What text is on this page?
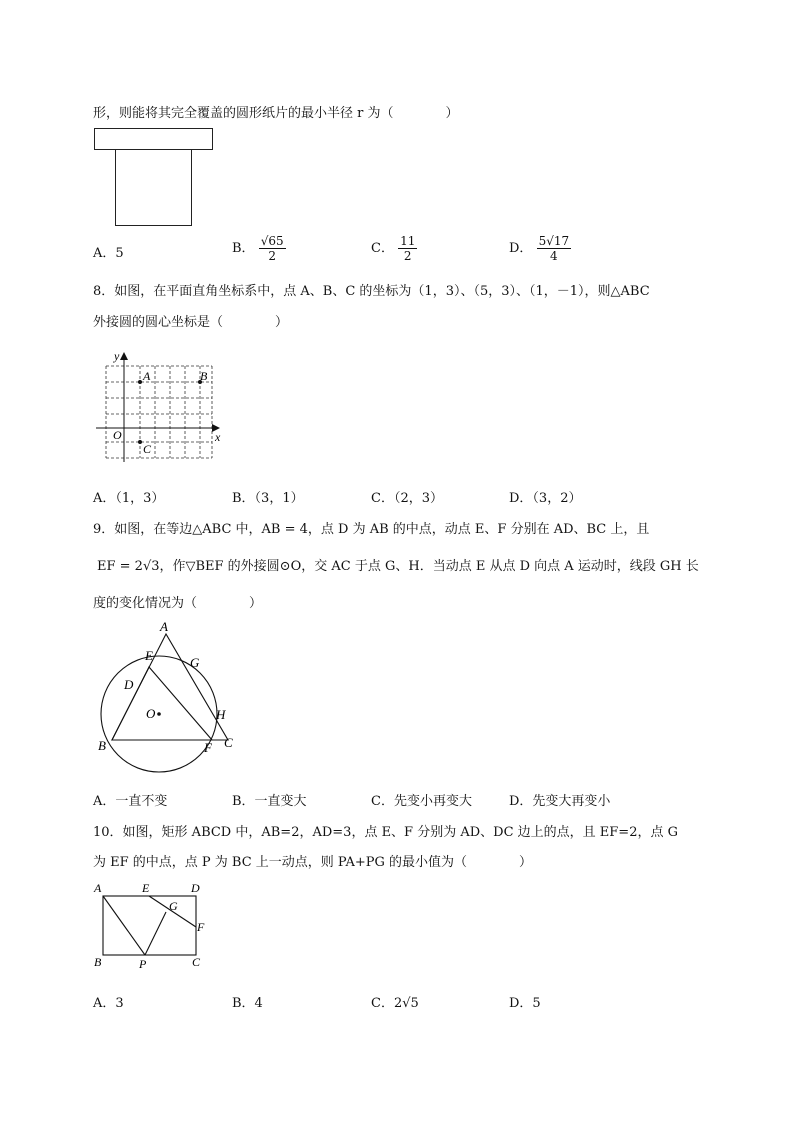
形，则能将其完全覆盖的圆形纸片的最小半径 r 为（　　　　）
A．5	B． $\frac{√65}{2}$	C． $\frac{11}{2}$	D． $\frac{5√17}{4}$
8．如图，在平面直角坐标系中，点 A、B、C 的坐标为（1，3）、（5，3）、（1，－1），则△ABC
外接圆的圆心坐标是（　　　　）
y
x
O
A	B
C
A．（1，3）	B．（3，1）	C．（2，3）	D．（3，2）
9．如图，在等边△ABC 中，AB = 4，点 D 为 AB 的中点，动点 E、F 分别在 AD、BC 上，且
EF = 2√3，作▽BEF 的外接圆⊙O，交 AC 于点 G、H．当动点 E 从点 D 向点 A 运动时，线段 GH 长
度的变化情况为（　　　　）
A
B	C
D
E
F
G
H
O
A．一直不变	B．一直变大	C．先变小再变大	D．先变大再变小
10．如图，矩形 ABCD 中，AB=2，AD=3，点 E、F 分别为 AD、DC 边上的点，且 EF=2，点 G
为 EF 的中点，点 P 为 BC 上一动点，则 PA+PG 的最小值为（　　　　）
A	E	D
G
F
B	P	C
A．3	B．4	C．2√5	D．5
